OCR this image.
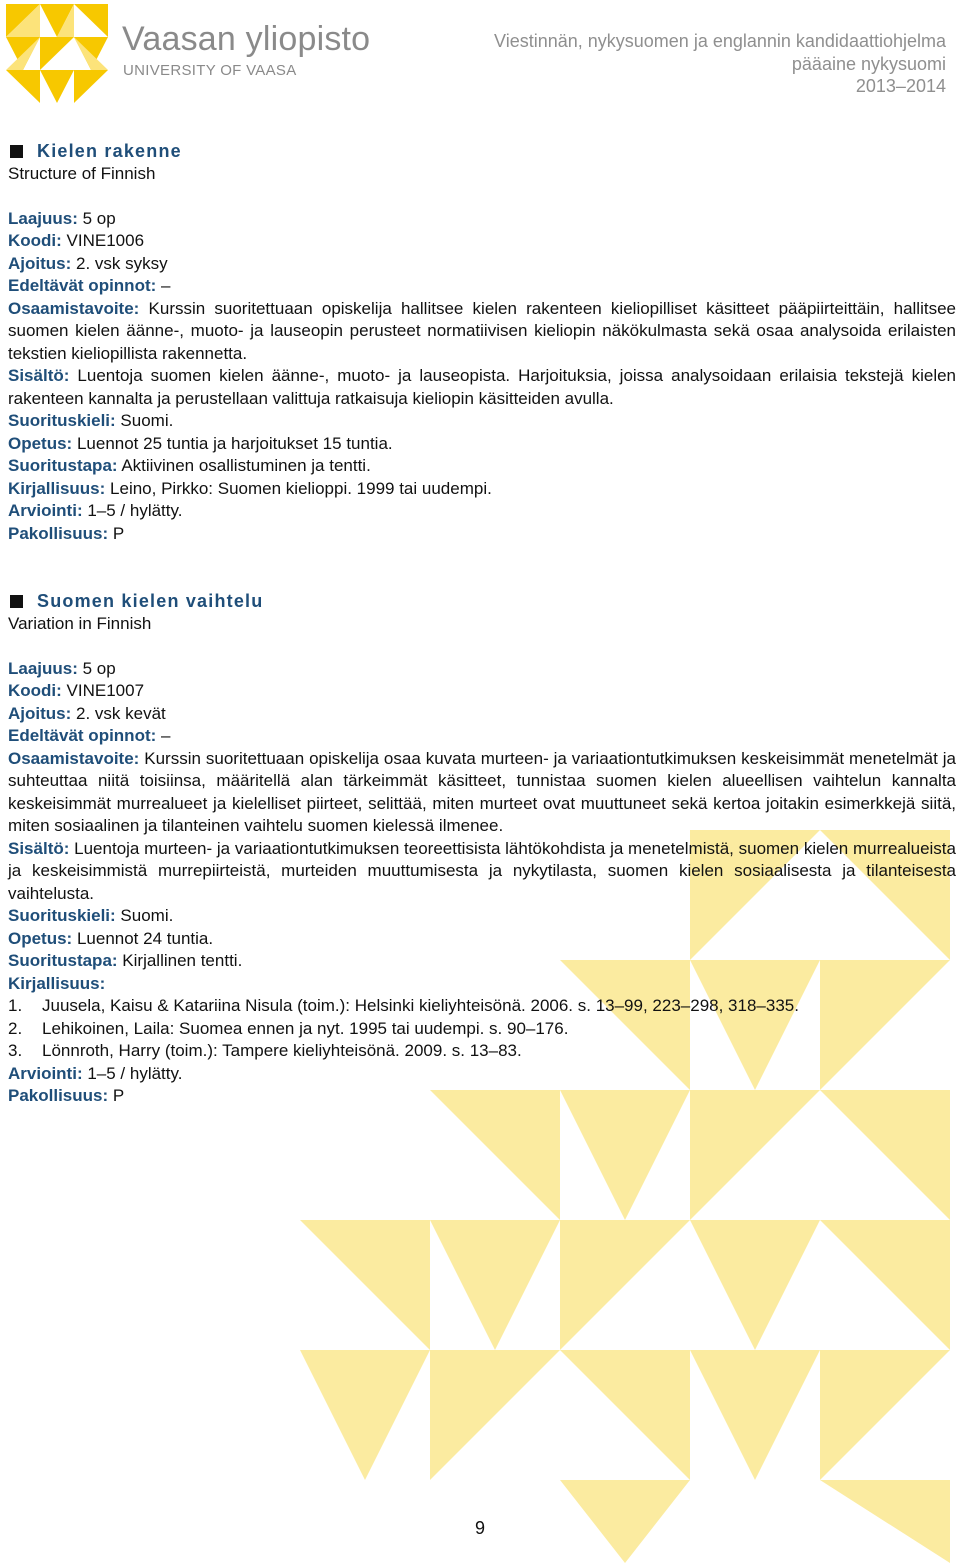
Vaasan yliopisto
UNIVERSITY OF VAASA
Viestinnän, nykysuomen ja englannin kandidaattiohjelma
pääaine nykysuomi
2013–2014
Kielen rakenne
Structure of Finnish
Laajuus: 5 op
Koodi: VINE1006
Ajoitus: 2. vsk syksy
Edeltävät opinnot: –
Osaamistavoite: Kurssin suoritettuaan opiskelija hallitsee kielen rakenteen kieliopilliset käsitteet pääpiirteittäin, hallitsee suomen kielen äänne-, muoto- ja lauseopin perusteet normatiivisen kieliopin näkökulmasta sekä osaa analysoida erilaisten tekstien kieliopillista rakennetta.
Sisältö: Luentoja suomen kielen äänne-, muoto- ja lauseopista. Harjoituksia, joissa analysoidaan erilaisia tekstejä kielen rakenteen kannalta ja perustellaan valittuja ratkaisuja kieliopin käsitteiden avulla.
Suorituskieli: Suomi.
Opetus: Luennot 25 tuntia ja harjoitukset 15 tuntia.
Suoritustapa: Aktiivinen osallistuminen ja tentti.
Kirjallisuus: Leino, Pirkko: Suomen kielioppi. 1999 tai uudempi.
Arviointi: 1–5 / hylätty.
Pakollisuus: P
Suomen kielen vaihtelu
Variation in Finnish
Laajuus: 5 op
Koodi: VINE1007
Ajoitus: 2. vsk kevät
Edeltävät opinnot: –
Osaamistavoite: Kurssin suoritettuaan opiskelija osaa kuvata murteen- ja variaationtutkimuksen keskeisimmät menetelmät ja suhteuttaa niitä toisiinsa, määritellä alan tärkeimmät käsitteet, tunnistaa suomen kielen alueellisen vaihtelun kannalta keskeisimmät murrealueet ja kielelliset piirteet, selittää, miten murteet ovat muuttuneet sekä kertoa joitakin esimerkkejä siitä, miten sosiaalinen ja tilanteinen vaihtelu suomen kielessä ilmenee.
Sisältö: Luentoja murteen- ja variaationtutkimuksen teoreettisista lähtökohdista ja menetelmistä, suomen kielen murrealueista ja keskeisimmistä murrepiirteistä, murteiden muuttumisesta ja nykytilasta, suomen kielen sosiaalisesta ja tilanteisesta vaihtelusta.
Suorituskieli: Suomi.
Opetus: Luennot 24 tuntia.
Suoritustapa: Kirjallinen tentti.
Kirjallisuus:
1.	Juusela, Kaisu & Katariina Nisula (toim.): Helsinki kieliyhteisönä. 2006. s. 13–99, 223–298, 318–335.
2.	Lehikoinen, Laila: Suomea ennen ja nyt. 1995 tai uudempi. s. 90–176.
3.	Lönnroth, Harry (toim.): Tampere kieliyhteisönä. 2009. s. 13–83.
Arviointi: 1–5 / hylätty.
Pakollisuus: P
9
